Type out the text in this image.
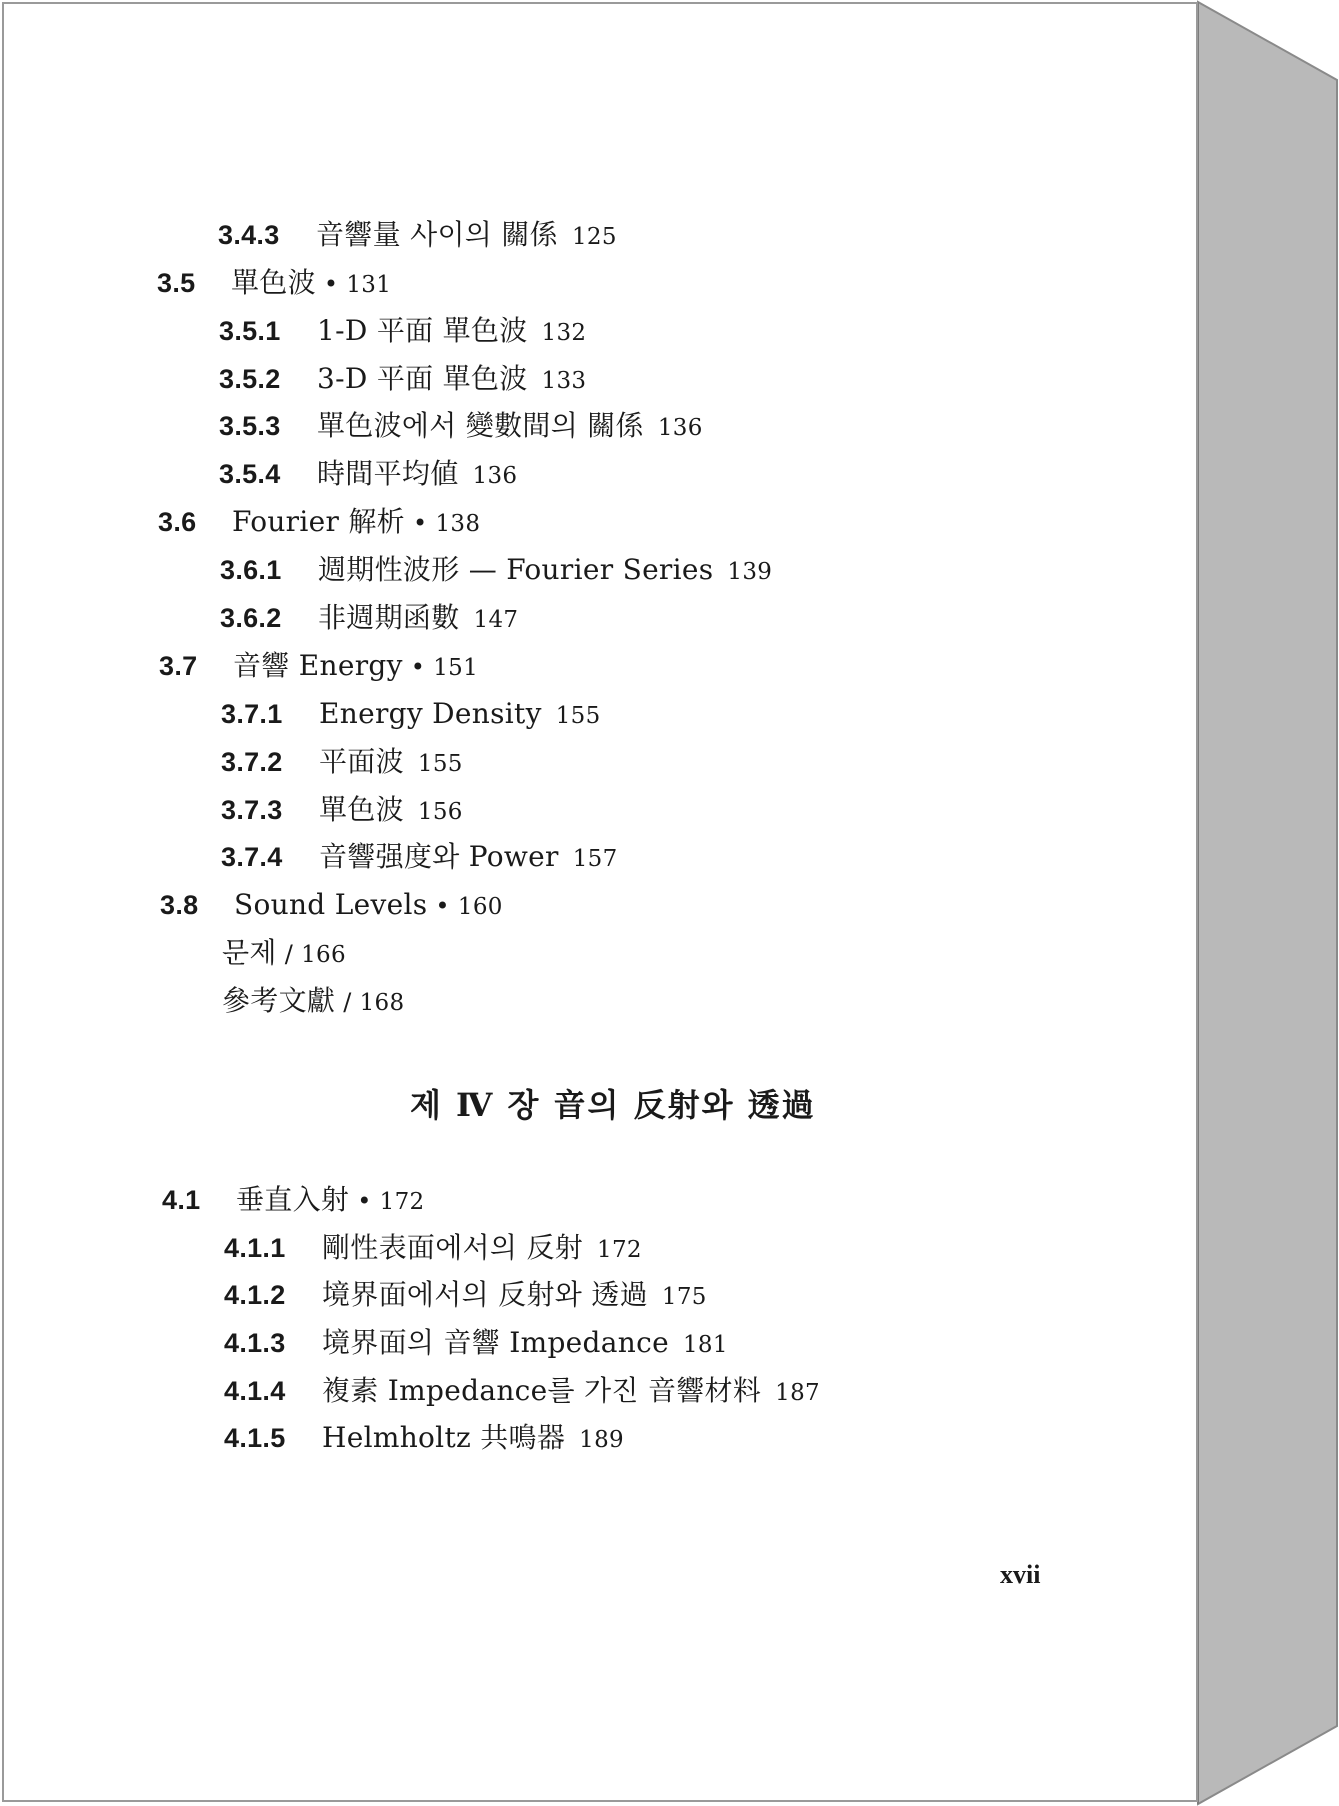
3.4.3 音響量 사이의 關係 125
3.5 單色波 • 131
3.5.1 1-D 平面 單色波 132
3.5.2 3-D 平面 單色波 133
3.5.3 單色波에서 變數間의 關係 136
3.5.4 時間平均値 136
3.6 Fourier 解析 • 138
3.6.1 週期性波形 — Fourier Series 139
3.6.2 非週期函數 147
3.7 音響 Energy • 151
3.7.1 Energy Density 155
3.7.2 平面波 155
3.7.3 單色波 156
3.7.4 音響强度와 Power 157
3.8 Sound Levels • 160
문제 / 166
參考文獻 / 168
제 Ⅳ 장 音의 反射와 透過
4.1 垂直入射 • 172
4.1.1 剛性表面에서의 反射 172
4.1.2 境界面에서의 反射와 透過 175
4.1.3 境界面의 音響 Impedance 181
4.1.4 複素 Impedance를 가진 音響材料 187
4.1.5 Helmholtz 共鳴器 189
xvii
